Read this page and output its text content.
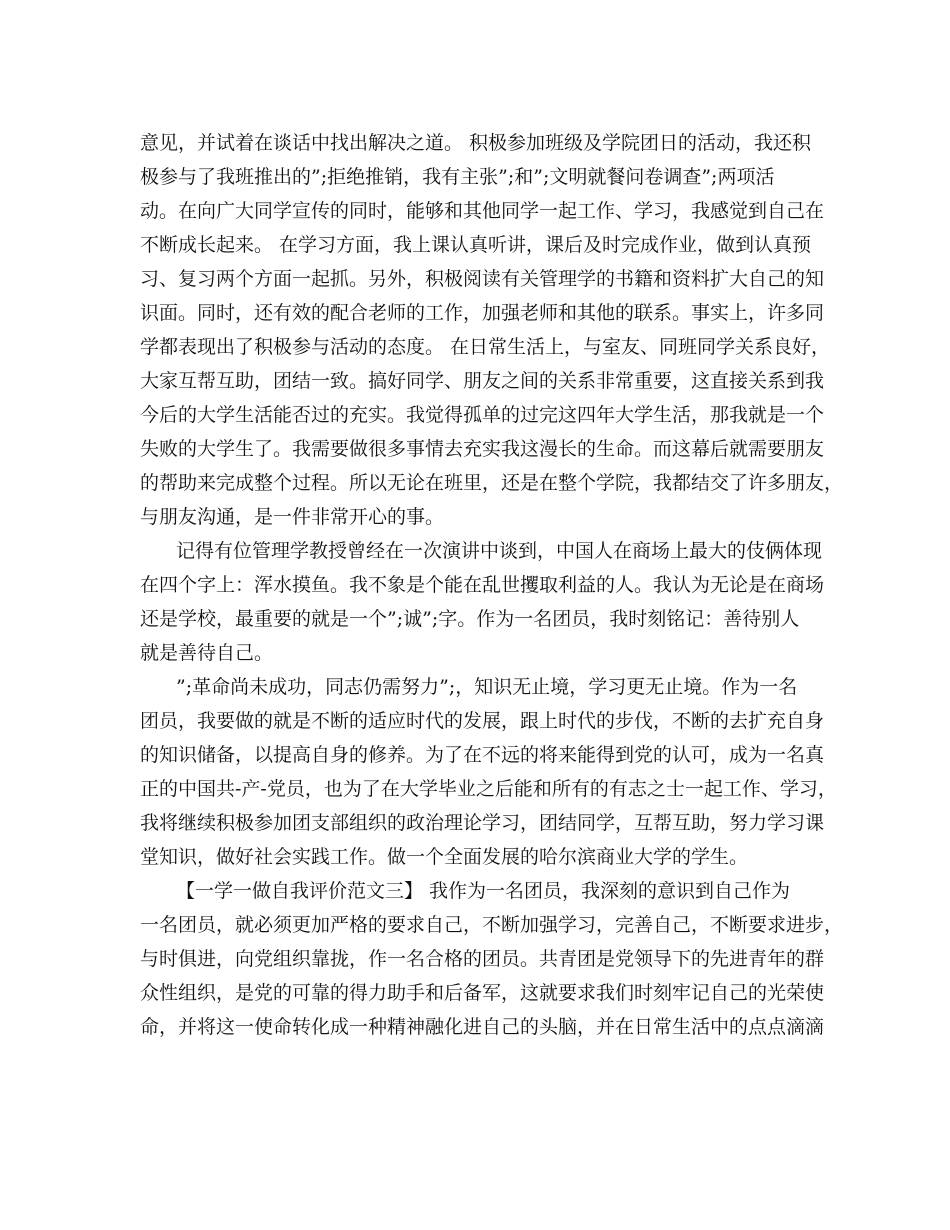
意见，并试着在谈话中找出解决之道。 积极参加班级及学院团日的活动，我还积
极参与了我班推出的”;拒绝推销，我有主张”;和”;文明就餐问卷调查”;两项活
动。在向广大同学宣传的同时，能够和其他同学一起工作、学习，我感觉到自己在
不断成长起来。 在学习方面，我上课认真听讲，课后及时完成作业，做到认真预
习、复习两个方面一起抓。另外，积极阅读有关管理学的书籍和资料扩大自己的知
识面。同时，还有效的配合老师的工作，加强老师和其他的联系。事实上，许多同
学都表现出了积极参与活动的态度。 在日常生活上，与室友、同班同学关系良好，
大家互帮互助，团结一致。搞好同学、朋友之间的关系非常重要，这直接关系到我
今后的大学生活能否过的充实。我觉得孤单的过完这四年大学生活，那我就是一个
失败的大学生了。我需要做很多事情去充实我这漫长的生命。而这幕后就需要朋友
的帮助来完成整个过程。所以无论在班里，还是在整个学院，我都结交了许多朋友，
与朋友沟通，是一件非常开心的事。
记得有位管理学教授曾经在一次演讲中谈到，中国人在商场上最大的伎俩体现
在四个字上：浑水摸鱼。我不象是个能在乱世攫取利益的人。我认为无论是在商场
还是学校，最重要的就是一个”;诚”;字。作为一名团员，我时刻铭记：善待别人
就是善待自己。
”;革命尚未成功，同志仍需努力”;，知识无止境，学习更无止境。作为一名
团员，我要做的就是不断的适应时代的发展，跟上时代的步伐，不断的去扩充自身
的知识储备，以提高自身的修养。为了在不远的将来能得到党的认可，成为一名真
正的中国共-产-党员，也为了在大学毕业之后能和所有的有志之士一起工作、学习，
我将继续积极参加团支部组织的政治理论学习，团结同学，互帮互助，努力学习课
堂知识，做好社会实践工作。做一个全面发展的哈尔滨商业大学的学生。
【一学一做自我评价范文三】 我作为一名团员，我深刻的意识到自己作为
一名团员，就必须更加严格的要求自己，不断加强学习，完善自己，不断要求进步，
与时俱进，向党组织靠拢，作一名合格的团员。共青团是党领导下的先进青年的群
众性组织，是党的可靠的得力助手和后备军，这就要求我们时刻牢记自己的光荣使
命，并将这一使命转化成一种精神融化进自己的头脑，并在日常生活中的点点滴滴
